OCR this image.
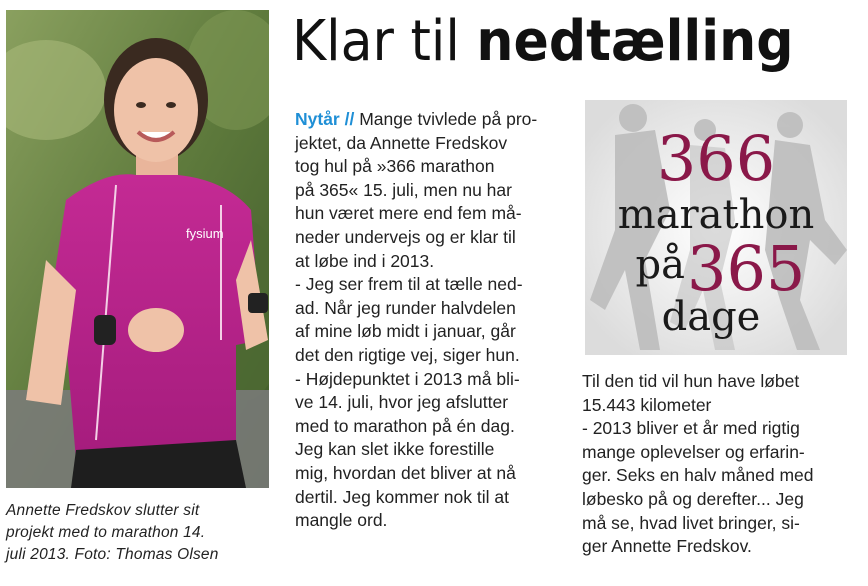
fysium
Annette Fredskov slutter sit
projekt med to marathon 14.
juli 2013. Foto: Thomas Olsen
Klar til nedtælling
Nytår // Mange tvivlede på pro-
jektet, da Annette Fredskov
tog hul på »366 marathon
på 365« 15. juli, men nu har
hun været mere end fem må-
neder undervejs og er klar til
at løbe ind i 2013.
- Jeg ser frem til at tælle ned-
ad. Når jeg runder halvdelen
af mine løb midt i januar, går
det den rigtige vej, siger hun.
- Højdepunktet i 2013 må bli-
ve 14. juli, hvor jeg afslutter
med to marathon på én dag.
Jeg kan slet ikke forestille
mig, hvordan det bliver at nå
dertil. Jeg kommer nok til at
mangle ord.
366
marathon
på 365
dage
Til den tid vil hun have løbet
15.443 kilometer
- 2013 bliver et år med rigtig
mange oplevelser og erfarin-
ger. Seks en halv måned med
løbesko på og derefter... Jeg
må se, hvad livet bringer, si-
ger Annette Fredskov.
